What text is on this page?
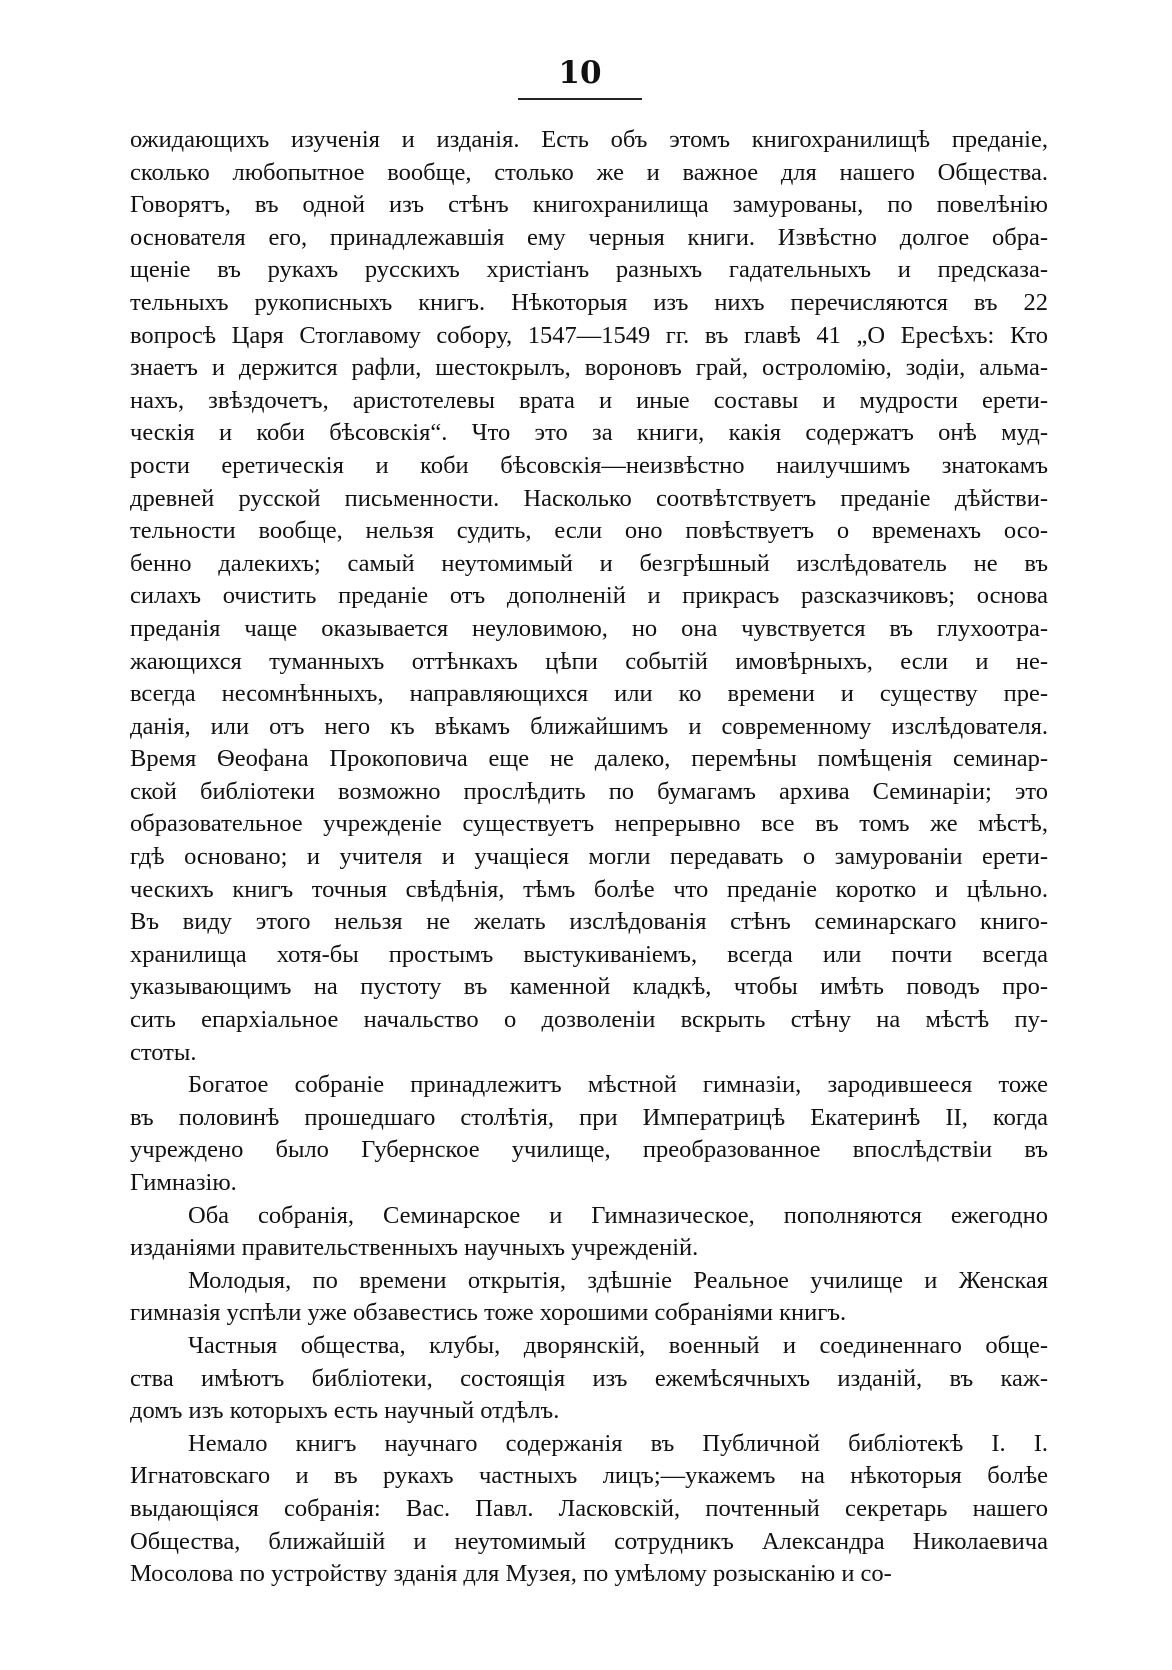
10
ожидающихъ изученія и изданія. Есть объ этомъ книгохранилищѣ преданіе,
сколько любопытное вообще, столько же и важное для нашего Общества.
Говорятъ, въ одной изъ стѣнъ книгохранилища замурованы, по повелѣнію
основателя его, принадлежавшія ему черныя книги. Извѣстно долгое обра-
щеніе въ рукахъ русскихъ христіанъ разныхъ гадательныхъ и предсказа-
тельныхъ рукописныхъ книгъ. Нѣкоторыя изъ нихъ перечисляются въ 22
вопросѣ Царя Стоглавому собору, 1547—1549 гг. въ главѣ 41 „О Ересѣхъ: Кто
знаетъ и держится рафли, шестокрылъ, вороновъ грай, остроломію, зодіи, альма-
нахъ, звѣздочетъ, аристотелевы врата и иные составы и мудрости ерети-
ческія и коби бѣсовскія“. Что это за книги, какія содержатъ онѣ муд-
рости еретическія и коби бѣсовскія—неизвѣстно наилучшимъ знатокамъ
древней русской письменности. Насколько соотвѣтствуетъ преданіе дѣйстви-
тельности вообще, нельзя судить, если оно повѣствуетъ о временахъ осо-
бенно далекихъ; самый неутомимый и безгрѣшный изслѣдователь не въ
силахъ очистить преданіе отъ дополненій и прикрасъ разсказчиковъ; основа
преданія чаще оказывается неуловимою, но она чувствуется въ глухоотра-
жающихся туманныхъ оттѣнкахъ цѣпи событій имовѣрныхъ, если и не-
всегда несомнѣнныхъ, направляющихся или ко времени и существу пре-
данія, или отъ него къ вѣкамъ ближайшимъ и современному изслѣдователя.
Время Ѳеофана Прокоповича еще не далеко, перемѣны помѣщенія семинар-
ской библіотеки возможно прослѣдить по бумагамъ архива Семинаріи; это
образовательное учрежденіе существуетъ непрерывно все въ томъ же мѣстѣ,
гдѣ основано; и учителя и учащіеся могли передавать о замурованіи ерети-
ческихъ книгъ точныя свѣдѣнія, тѣмъ болѣе что преданіе коротко и цѣльно.
Въ виду этого нельзя не желать изслѣдованія стѣнъ семинарскаго книго-
хранилища хотя-бы простымъ выстукиваніемъ, всегда или почти всегда
указывающимъ на пустоту въ каменной кладкѣ, чтобы имѣть поводъ про-
сить епархіальное начальство о дозволеніи вскрыть стѣну на мѣстѣ пу-
стоты.
Богатое собраніе принадлежитъ мѣстной гимназіи, зародившееся тоже
въ половинѣ прошедшаго столѣтія, при Императрицѣ Екатеринѣ II, когда
учреждено было Губернское училище, преобразованное впослѣдствіи въ
Гимназію.
Оба собранія, Семинарское и Гимназическое, пополняются ежегодно
изданіями правительственныхъ научныхъ учрежденій.
Молодыя, по времени открытія, здѣшніе Реальное училище и Женская
гимназія успѣли уже обзавестись тоже хорошими собраніями книгъ.
Частныя общества, клубы, дворянскій, военный и соединеннаго обще-
ства имѣютъ библіотеки, состоящія изъ ежемѣсячныхъ изданій, въ каж-
домъ изъ которыхъ есть научный отдѣлъ.
Немало книгъ научнаго содержанія въ Публичной библіотекѣ І. І.
Игнатовскаго и въ рукахъ частныхъ лицъ;—укажемъ на нѣкоторыя болѣе
выдающіяся собранія: Вас. Павл. Ласковскій, почтенный секретарь нашего
Общества, ближайшій и неутомимый сотрудникъ Александра Николаевича
Мосолова по устройству зданія для Музея, по умѣлому розысканію и со-
